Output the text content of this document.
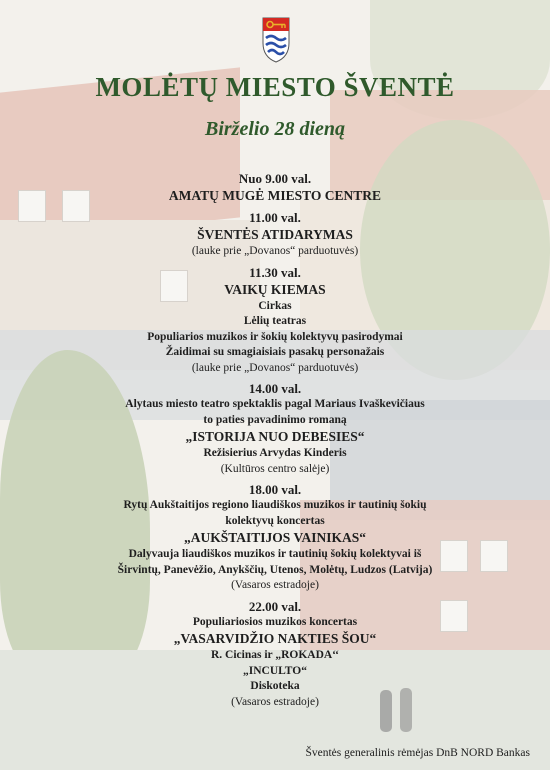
MOLĖTŲ MIESTO ŠVENTĖ
Birželio 28 dieną
Nuo 9.00 val.
AMATŲ MUGĖ MIESTO CENTRE
11.00 val.
ŠVENTĖS ATIDARYMAS
(lauke prie „Dovanos“ parduotuvės)
11.30 val.
VAIKŲ KIEMAS
Cirkas
Lėlių teatras
Populiarios muzikos ir šokių kolektyvų pasirodymai
Žaidimai su smagiaisiais pasakų personažais
(lauke prie „Dovanos“ parduotuvės)
14.00 val.
Alytaus miesto teatro spektaklis pagal Mariaus Ivaškevičiaus
to paties pavadinimo romaną
„ISTORIJA NUO DEBESIES“
Režisierius Arvydas Kinderis
(Kultūros centro salėje)
18.00 val.
Rytų Aukštaitijos regiono liaudiškos muzikos ir tautinių šokių
kolektyvų koncertas
„AUKŠTAITIJOS VAINIKAS“
Dalyvauja liaudiškos muzikos ir tautinių šokių kolektyvai iš
Širvintų, Panevėžio, Anykščių, Utenos, Molėtų, Ludzos (Latvija)
(Vasaros estradoje)
22.00 val.
Populiariosios muzikos koncertas
„VASARVIDŽIO NAKTIES ŠOU“
R. Cicinas ir „ROKADA‘‘
„INCULTO“
Diskoteka
(Vasaros estradoje)
Šventės generalinis rėmėjas DnB NORD Bankas
